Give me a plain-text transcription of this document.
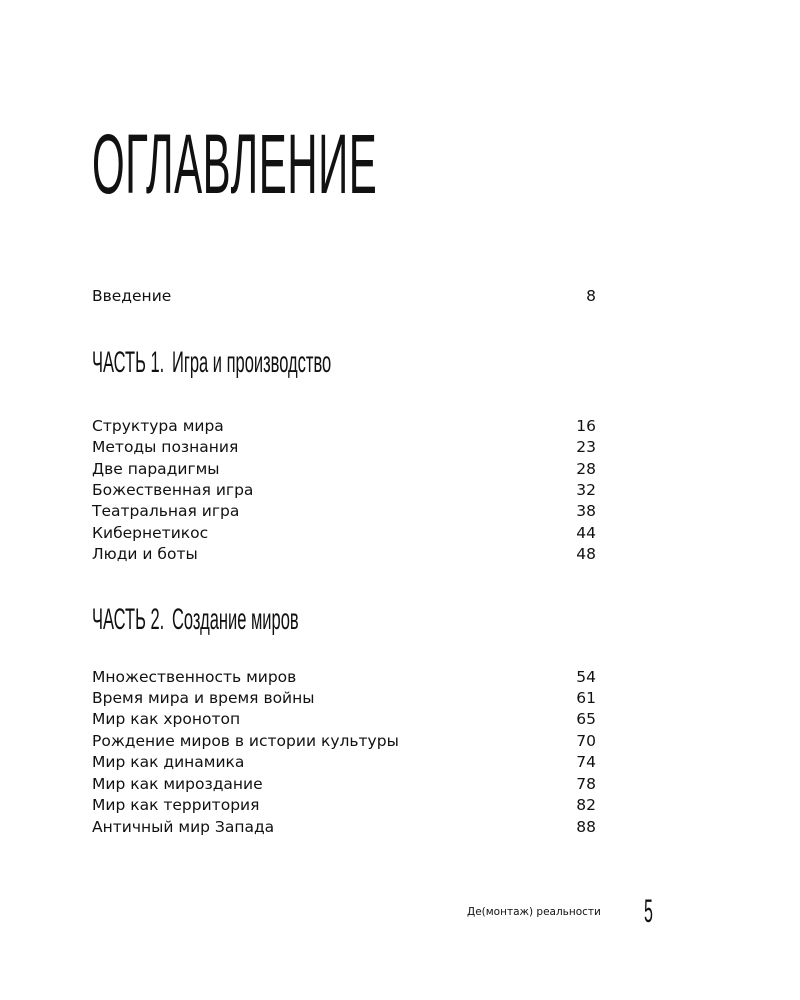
ОГЛАВЛЕНИЕ
Введение	8
ЧАСТЬ 1. Игра и производство
Структура мира	16
Методы познания	23
Две парадигмы	28
Божественная игра	32
Театральная игра	38
Кибернетикос	44
Люди и боты	48
ЧАСТЬ 2. Создание миров
Множественность миров	54
Время мира и время войны	61
Мир как хронотоп	65
Рождение миров в истории культуры	70
Мир как динамика	74
Мир как мироздание	78
Мир как территория	82
Античный мир Запада	88
Де(монтаж) реальности 5
